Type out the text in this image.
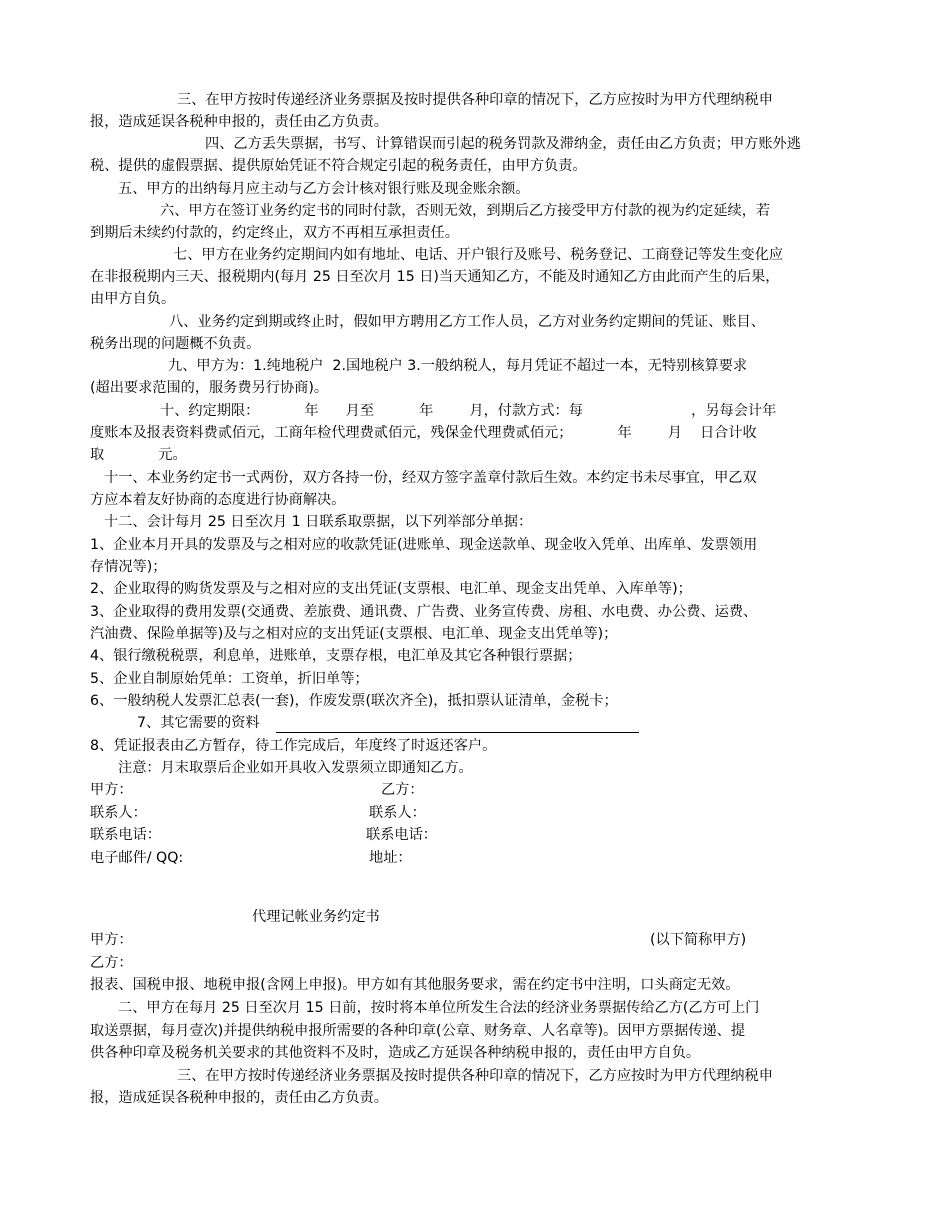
三、在甲方按时传递经济业务票据及按时提供各种印章的情况下，乙方应按时为甲方代理纳税申
报，造成延误各税种申报的，责任由乙方负责。
四、乙方丢失票据，书写、计算错误而引起的税务罚款及滞纳金，责任由乙方负责；甲方账外逃
税、提供的虚假票据、提供原始凭证不符合规定引起的税务责任，由甲方负责。
五、甲方的出纳每月应主动与乙方会计核对银行账及现金账余额。
六、甲方在签订业务约定书的同时付款，否则无效，到期后乙方接受甲方付款的视为约定延续，若
到期后未续约付款的，约定终止，双方不再相互承担责任。
七、甲方在业务约定期间内如有地址、电话、开户银行及账号、税务登记、工商登记等发生变化应
在非报税期内三天、报税期内(每月 25 日至次月 15 日)当天通知乙方，不能及时通知乙方由此而产生的后果，
由甲方自负。
八、业务约定到期或终止时，假如甲方聘用乙方工作人员，乙方对业务约定期间的凭证、账目、
税务出现的问题概不负责。
九、甲方为：1.纯地税户  2.国地税户 3.一般纳税人，每月凭证不超过一本，无特别核算要求
(超出要求范围的，服务费另行协商)。
十、约定期限：          年      月至          年        月，付款方式：每                        ，另每会计年
度账本及报表资料费贰佰元，工商年检代理费贰佰元，残保金代理费贰佰元；          年        月    日合计收
取            元。
十一、本业务约定书一式两份，双方各持一份，经双方签字盖章付款后生效。本约定书未尽事宜，甲乙双
方应本着友好协商的态度进行协商解决。
十二、会计每月 25 日至次月 1 日联系取票据，以下列举部分单据：
1、企业本月开具的发票及与之相对应的收款凭证(进账单、现金送款单、现金收入凭单、出库单、发票领用
存情况等)；
2、企业取得的购货发票及与之相对应的支出凭证(支票根、电汇单、现金支出凭单、入库单等)；
3、企业取得的费用发票(交通费、差旅费、通讯费、广告费、业务宣传费、房租、水电费、办公费、运费、
汽油费、保险单据等)及与之相对应的支出凭证(支票根、电汇单、现金支出凭单等)；
4、银行缴税税票，利息单，进账单，支票存根，电汇单及其它各种银行票据；
5、企业自制原始凭单：工资单，折旧单等；
6、一般纳税人发票汇总表(一套)，作废发票(联次齐全)，抵扣票认证清单，金税卡；
7、其它需要的资料
8、凭证报表由乙方暂存，待工作完成后，年度终了时返还客户。
注意：月末取票后企业如开具收入发票须立即通知乙方。
甲方：	乙方：
联系人：	联系人：
联系电话：	联系电话：
电子邮件/ QQ:	地址：
代理记帐业务约定书
甲方：	(以下简称甲方)
乙方：
报表、国税申报、地税申报(含网上申报)。甲方如有其他服务要求，需在约定书中注明，口头商定无效。
二、甲方在每月 25 日至次月 15 日前，按时将本单位所发生合法的经济业务票据传给乙方(乙方可上门
取送票据，每月壹次)并提供纳税申报所需要的各种印章(公章、财务章、人名章等)。因甲方票据传递、提
供各种印章及税务机关要求的其他资料不及时，造成乙方延误各种纳税申报的，责任由甲方自负。
三、在甲方按时传递经济业务票据及按时提供各种印章的情况下，乙方应按时为甲方代理纳税申
报，造成延误各税种申报的，责任由乙方负责。
